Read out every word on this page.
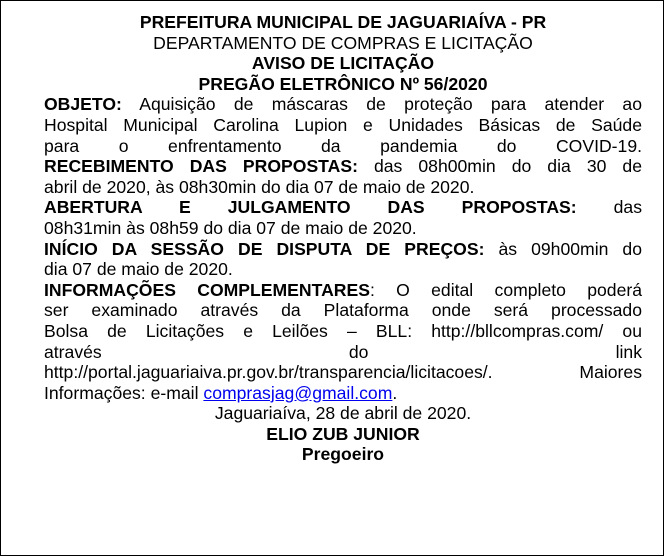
PREFEITURA MUNICIPAL DE JAGUARIAÍVA - PR

DEPARTAMENTO DE COMPRAS E LICITAÇÃO

AVISO DE LICITAÇÃO

PREGÃO ELETRÔNICO Nº 56/2020

OBJETO: Aquisição de máscaras de proteção para atender ao

Hospital Municipal Carolina Lupion e Unidades Básicas de Saúde

para o enfrentamento da pandemia do COVID-19.

RECEBIMENTO DAS PROPOSTAS: das 08h00min do dia 30 de

abril de 2020, às 08h30min do dia 07 de maio de 2020.

ABERTURA E JULGAMENTO DAS PROPOSTAS: das

08h31min às 08h59 do dia 07 de maio de 2020.

INÍCIO DA SESSÃO DE DISPUTA DE PREÇOS: às 09h00min do

dia 07 de maio de 2020.

INFORMAÇÕES COMPLEMENTARES: O edital completo poderá

ser examinado através da Plataforma onde será processado

Bolsa de Licitações e Leilões – BLL: http://bllcompras.com/ ou

através do link

http://portal.jaguariaiva.pr.gov.br/transparencia/licitacoes/. Maiores

Informações: e-mail comprasjag@gmail.com.

Jaguariaíva, 28 de abril de 2020.

ELIO ZUB JUNIOR

Pregoeiro
